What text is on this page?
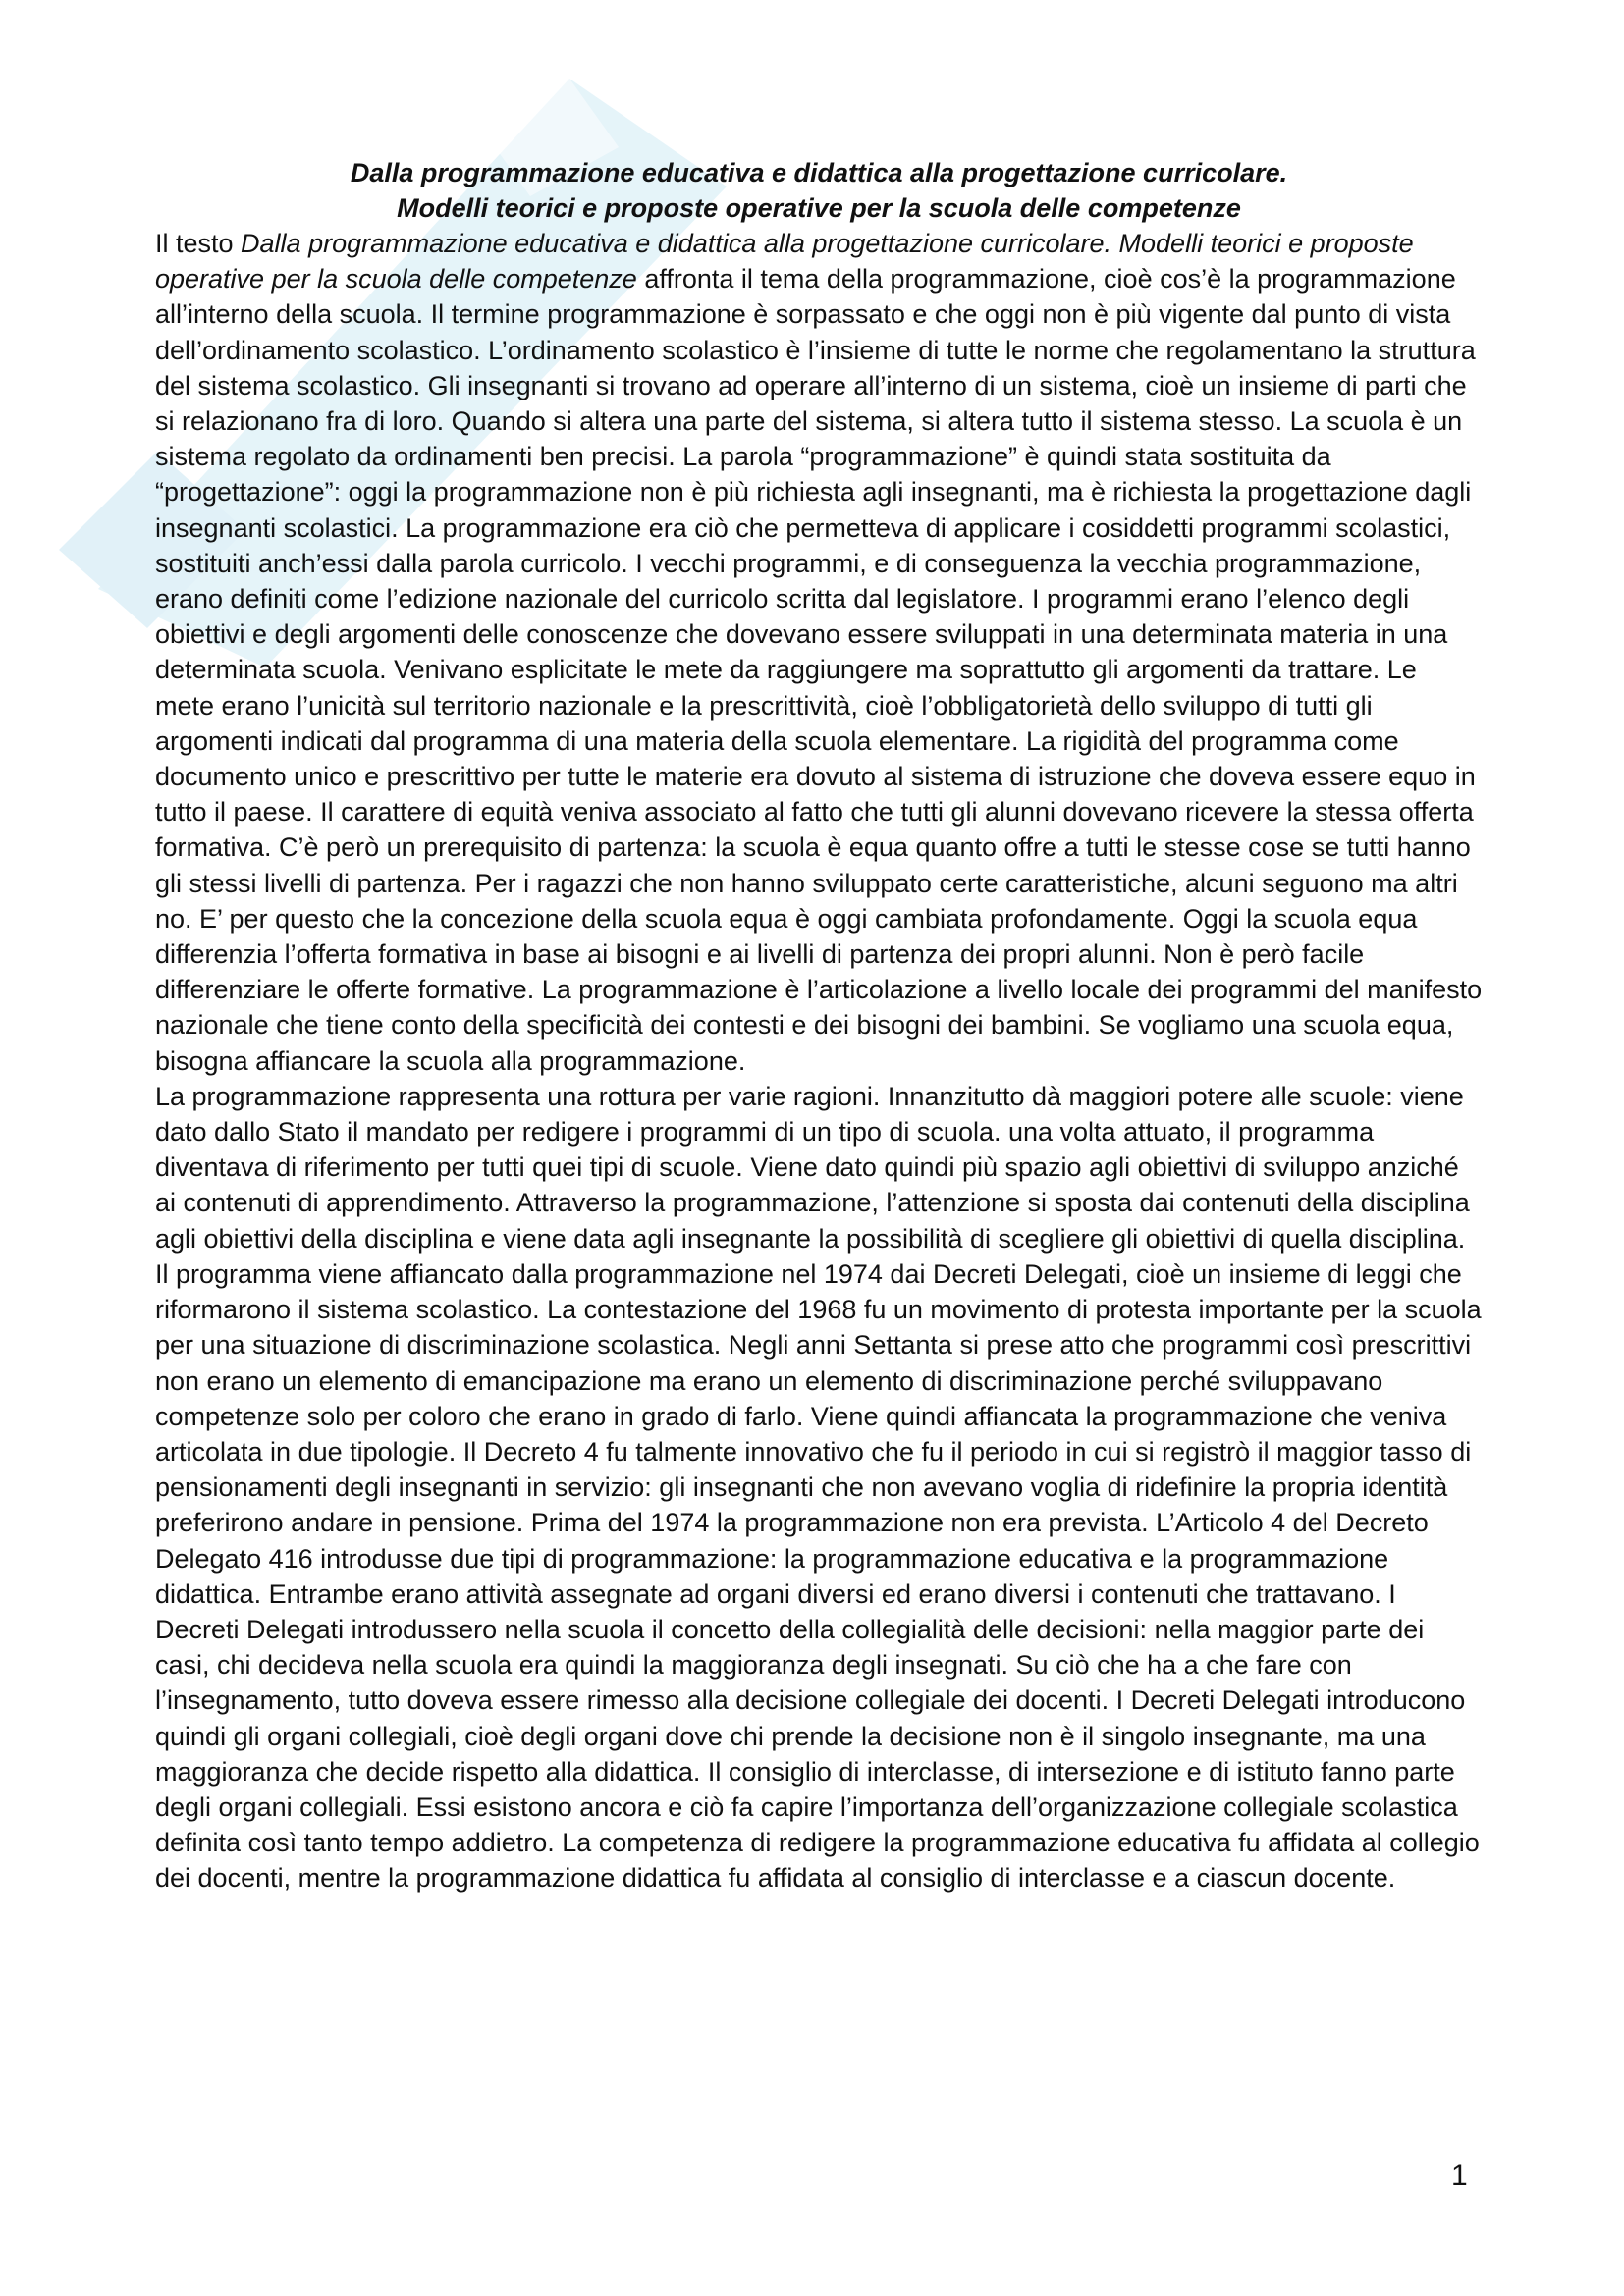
Dalla programmazione educativa e didattica alla progettazione curricolare.
Modelli teorici e proposte operative per la scuola delle competenze

Il testo Dalla programmazione educativa e didattica alla progettazione curricolare. Modelli teorici e proposte operative per la scuola delle competenze affronta il tema della programmazione, cioè cos’è la programmazione all’interno della scuola. Il termine programmazione è sorpassato e che oggi non è più vigente dal punto di vista dell’ordinamento scolastico. L’ordinamento scolastico è l’insieme di tutte le norme che regolamentano la struttura del sistema scolastico. Gli insegnanti si trovano ad operare all’interno di un sistema, cioè un insieme di parti che si relazionano fra di loro. Quando si altera una parte del sistema, si altera tutto il sistema stesso. La scuola è un sistema regolato da ordinamenti ben precisi. La parola “programmazione” è quindi stata sostituita da “progettazione”: oggi la programmazione non è più richiesta agli insegnanti, ma è richiesta la progettazione dagli insegnanti scolastici. La programmazione era ciò che permetteva di applicare i cosiddetti programmi scolastici, sostituiti anch’essi dalla parola curricolo. I vecchi programmi, e di conseguenza la vecchia programmazione, erano definiti come l’edizione nazionale del curricolo scritta dal legislatore. I programmi erano l’elenco degli obiettivi e degli argomenti delle conoscenze che dovevano essere sviluppati in una determinata materia in una determinata scuola. Venivano esplicitate le mete da raggiungere ma soprattutto gli argomenti da trattare. Le mete erano l’unicità sul territorio nazionale e la prescrittività, cioè l’obbligatorietà dello sviluppo di tutti gli argomenti indicati dal programma di una materia della scuola elementare. La rigidità del programma come documento unico e prescrittivo per tutte le materie era dovuto al sistema di istruzione che doveva essere equo in tutto il paese. Il carattere di equità veniva associato al fatto che tutti gli alunni dovevano ricevere la stessa offerta formativa. C’è però un prerequisito di partenza: la scuola è equa quanto offre a tutti le stesse cose se tutti hanno gli stessi livelli di partenza. Per i ragazzi che non hanno sviluppato certe caratteristiche, alcuni seguono ma altri no. E’ per questo che la concezione della scuola equa è oggi cambiata profondamente. Oggi la scuola equa differenzia l’offerta formativa in base ai bisogni e ai livelli di partenza dei propri alunni. Non è però facile differenziare le offerte formative. La programmazione è l’articolazione a livello locale dei programmi del manifesto nazionale che tiene conto della specificità dei contesti e dei bisogni dei bambini. Se vogliamo una scuola equa, bisogna affiancare la scuola alla programmazione.

La programmazione rappresenta una rottura per varie ragioni. Innanzitutto dà maggiori potere alle scuole: viene dato dallo Stato il mandato per redigere i programmi di un tipo di scuola. una volta attuato, il programma diventava di riferimento per tutti quei tipi di scuole. Viene dato quindi più spazio agli obiettivi di sviluppo anziché ai contenuti di apprendimento. Attraverso la programmazione, l’attenzione si sposta dai contenuti della disciplina agli obiettivi della disciplina e viene data agli insegnante la possibilità di scegliere gli obiettivi di quella disciplina. Il programma viene affiancato dalla programmazione nel 1974 dai Decreti Delegati, cioè un insieme di leggi che riformarono il sistema scolastico. La contestazione del 1968 fu un movimento di protesta importante per la scuola per una situazione di discriminazione scolastica. Negli anni Settanta si prese atto che programmi così prescrittivi non erano un elemento di emancipazione ma erano un elemento di discriminazione perché sviluppavano competenze solo per coloro che erano in grado di farlo. Viene quindi affiancata la programmazione che veniva articolata in due tipologie. Il Decreto 4 fu talmente innovativo che fu il periodo in cui si registrò il maggior tasso di pensionamenti degli insegnanti in servizio: gli insegnanti che non avevano voglia di ridefinire la propria identità preferirono andare in pensione. Prima del 1974 la programmazione non era prevista. L’Articolo 4 del Decreto Delegato 416 introdusse due tipi di programmazione: la programmazione educativa e la programmazione didattica. Entrambe erano attività assegnate ad organi diversi ed erano diversi i contenuti che trattavano. I Decreti Delegati introdussero nella scuola il concetto della collegialità delle decisioni: nella maggior parte dei casi, chi decideva nella scuola era quindi la maggioranza degli insegnati. Su ciò che ha a che fare con l’insegnamento, tutto doveva essere rimesso alla decisione collegiale dei docenti. I Decreti Delegati introducono quindi gli organi collegiali, cioè degli organi dove chi prende la decisione non è il singolo insegnante, ma una maggioranza che decide rispetto alla didattica. Il consiglio di interclasse, di intersezione e di istituto fanno parte degli organi collegiali. Essi esistono ancora e ciò fa capire l’importanza dell’organizzazione collegiale scolastica definita così tanto tempo addietro. La competenza di redigere la programmazione educativa fu affidata al collegio dei docenti, mentre la programmazione didattica fu affidata al consiglio di interclasse e a ciascun docente.

1
